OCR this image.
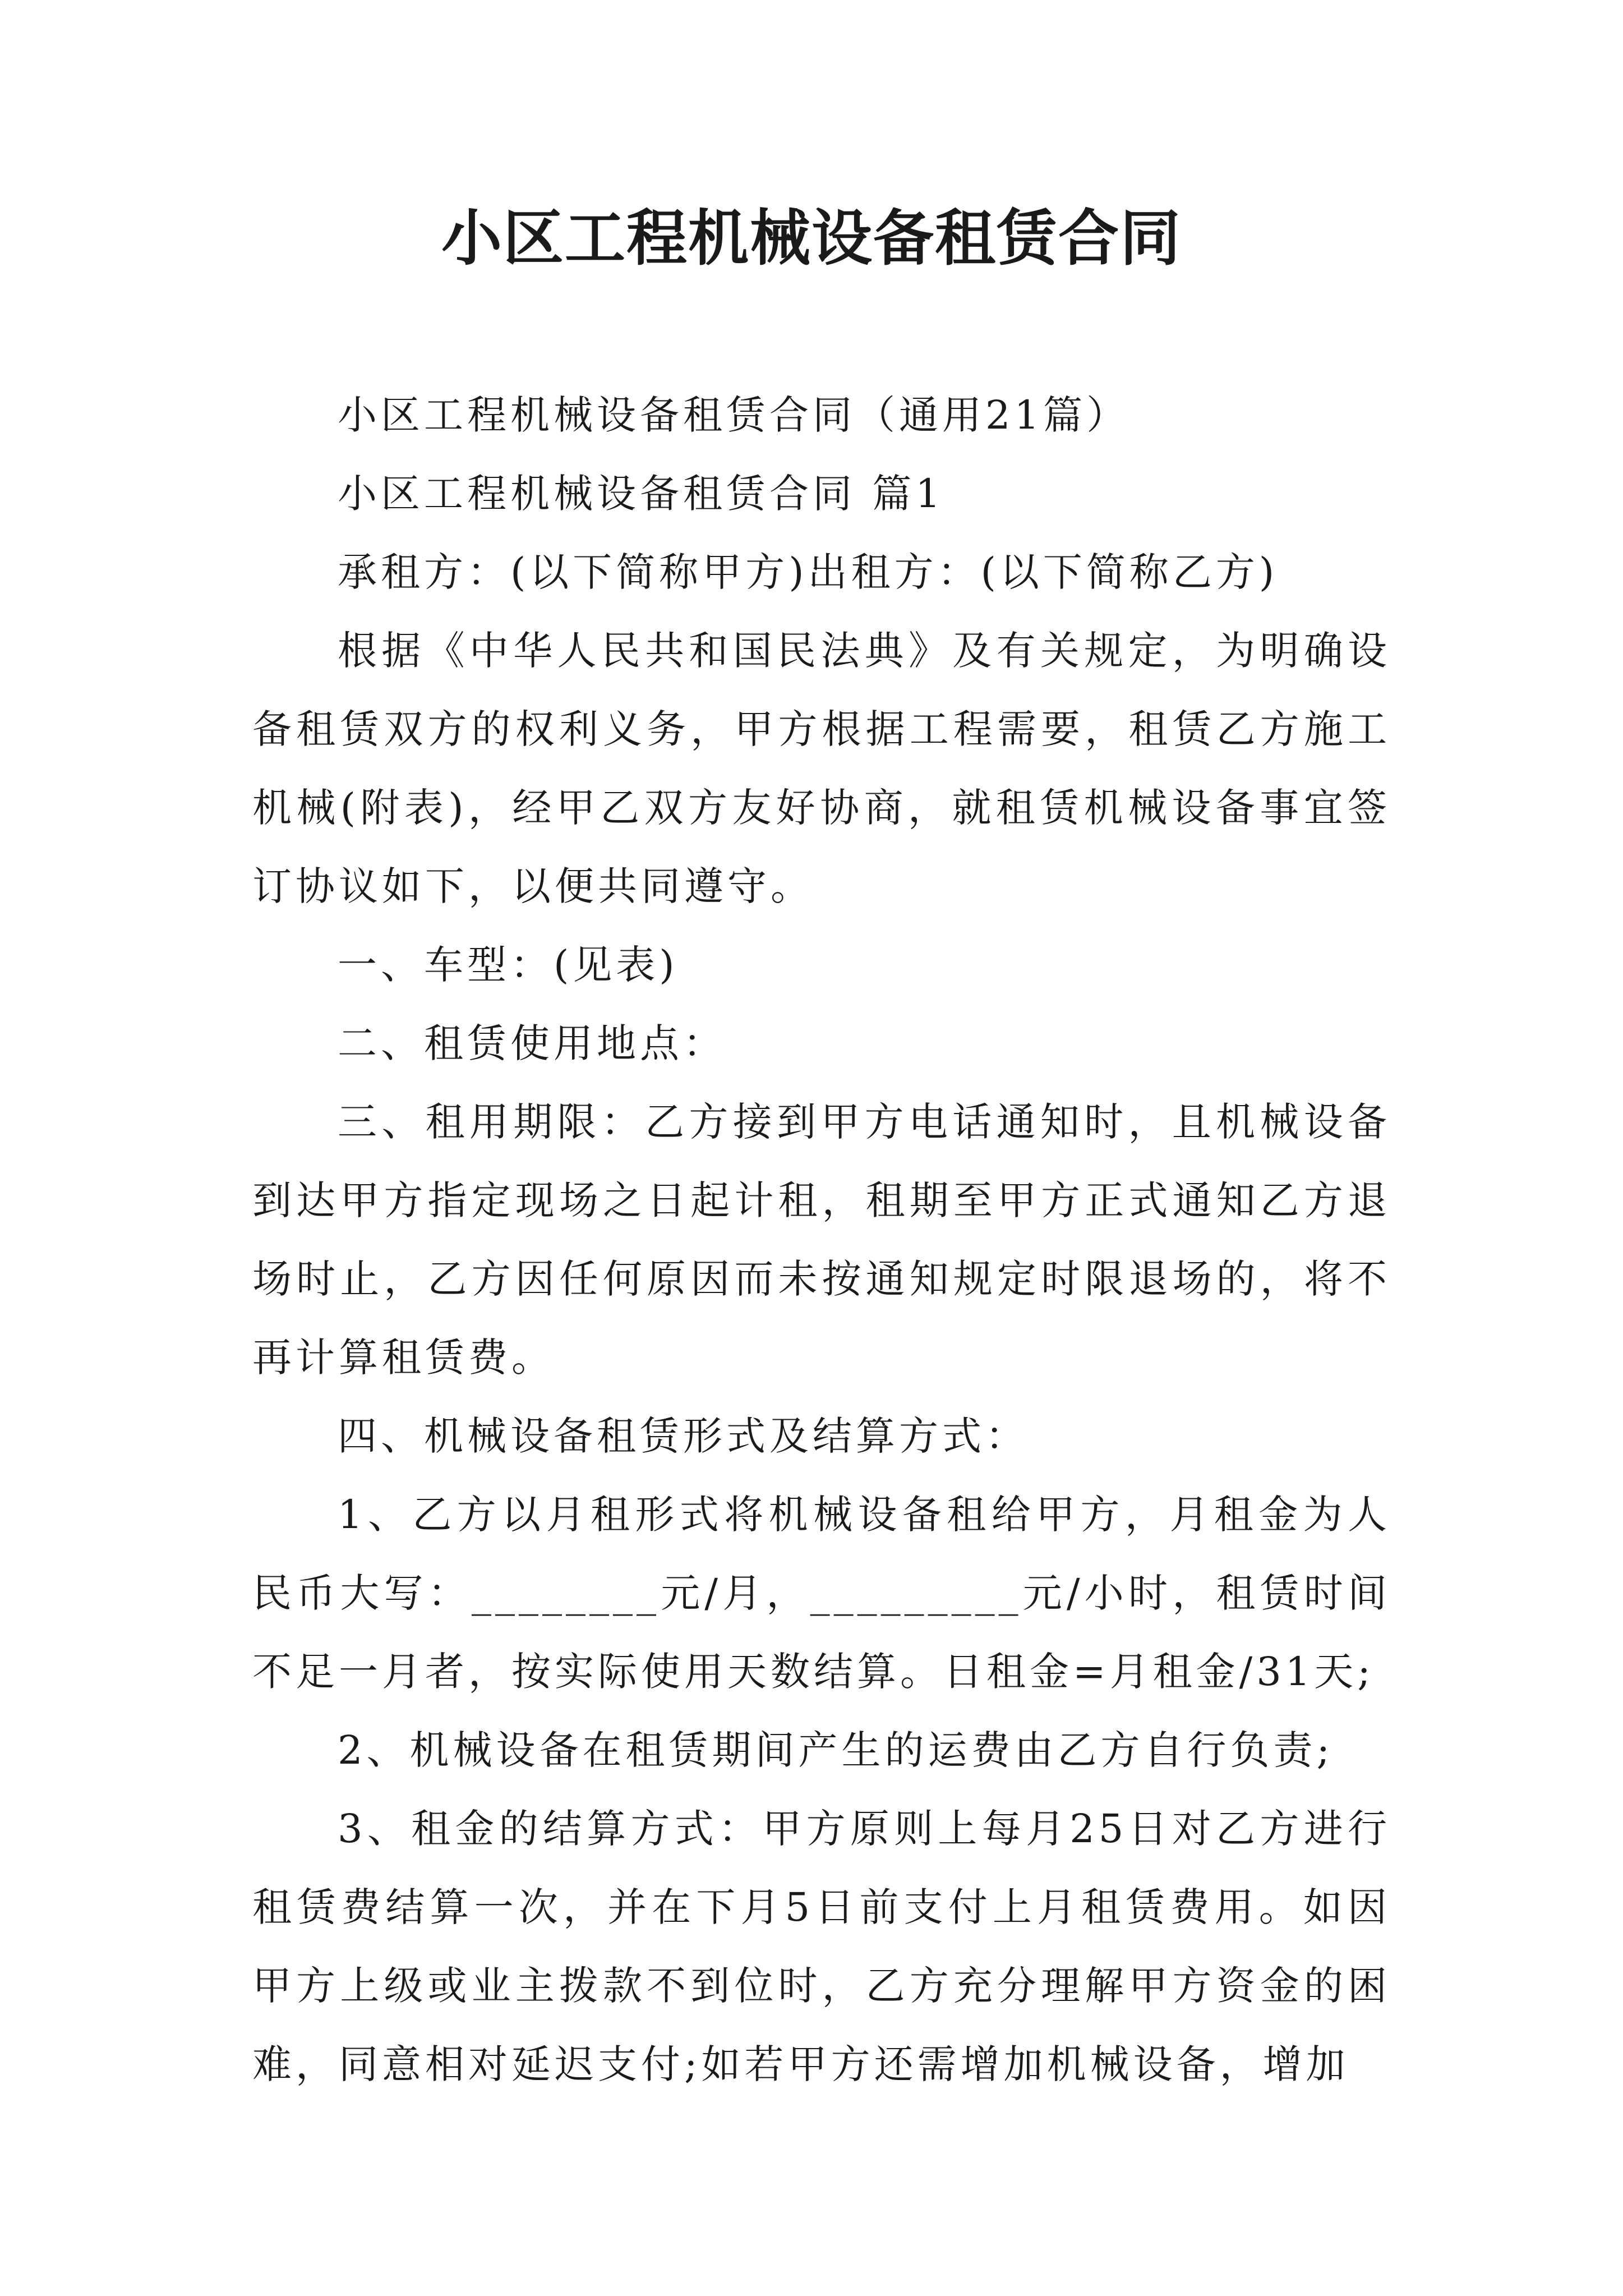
小区工程机械设备租赁合同

小区工程机械设备租赁合同（通用21篇）

小区工程机械设备租赁合同 篇1

承租方：(以下简称甲方)出租方：(以下简称乙方)

根据《中华人民共和国民法典》及有关规定，为明确设备租赁双方的权利义务，甲方根据工程需要，租赁乙方施工机械(附表)，经甲乙双方友好协商，就租赁机械设备事宜签订协议如下，以便共同遵守。

一、车型：(见表)

二、租赁使用地点：

三、租用期限：乙方接到甲方电话通知时，且机械设备到达甲方指定现场之日起计租，租期至甲方正式通知乙方退场时止，乙方因任何原因而未按通知规定时限退场的，将不再计算租赁费。

四、机械设备租赁形式及结算方式：

1、乙方以月租形式将机械设备租给甲方，月租金为人民币大写：________元/月，_________元/小时，租赁时间不足一月者，按实际使用天数结算。日租金=月租金/31天;

2、机械设备在租赁期间产生的运费由乙方自行负责;

3、租金的结算方式：甲方原则上每月25日对乙方进行租赁费结算一次，并在下月5日前支付上月租赁费用。如因甲方上级或业主拨款不到位时，乙方充分理解甲方资金的困难，同意相对延迟支付;如若甲方还需增加机械设备，增加
